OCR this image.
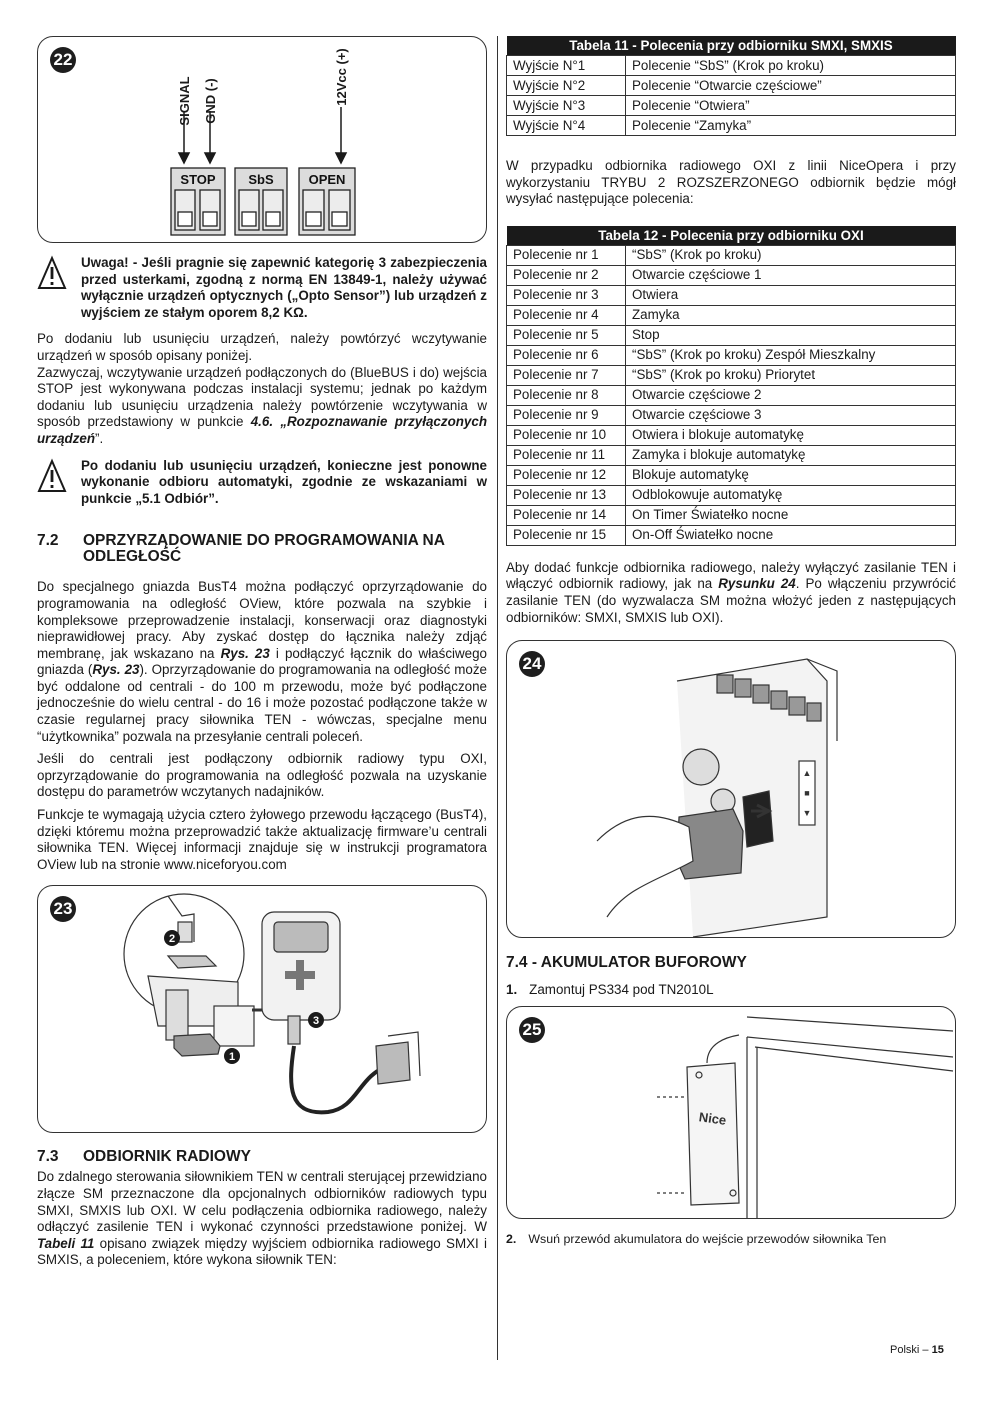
22
SIGNAL GND (-)	12Vcc (+)
STOP	SbS	OPEN
Uwaga! - Jeśli pragnie się zapewnić kategorię 3 zabezpieczenia przed usterkami, zgodną z normą EN 13849-1, należy używać wyłącznie urządzeń optycznych („Opto Sensor”) lub urządzeń z wyjściem ze stałym oporem 8,2 KΩ.

Po dodaniu lub usunięciu urządzeń, należy powtórzyć wczytywanie urządzeń w sposób opisany poniżej.

Zazwyczaj, wczytywanie urządzeń podłączonych do (BlueBUS i do) wejścia STOP jest wykonywana podczas instalacji systemu; jednak po każdym dodaniu lub usunięciu urządzenia należy powtórzenie wczytywania w sposób przedstawiony w punkcie 4.6. „Rozpoznawanie przyłączonych urządzeń”.

Po dodaniu lub usunięciu urządzeń, konieczne jest ponowne wykonanie odbioru automatyki, zgodnie ze wskazaniami w punkcie „5.1 Odbiór”.
7.2 OPRZYRZĄDOWANIE DO PROGRAMOWANIA NA ODLEGŁOŚĆ

Do specjalnego gniazda BusT4 można podłączyć oprzyrządowanie do programowania na odległość OView, które pozwala na szybkie i kompleksowe przeprowadzenie instalacji, konserwacji oraz diagnostyki nieprawidłowej pracy. Aby zyskać dostęp do łącznika należy zdjąć membranę, jak wskazano na Rys. 23 i podłączyć łącznik do właściwego gniazda (Rys. 23). Oprzyrządowanie do programowania na odległość może być oddalone od centrali - do 100 m przewodu, może być podłączone jednocześnie do wielu central - do 16 i może pozostać podłączone także w czasie regularnej pracy siłownika TEN - wówczas, specjalne menu “użytkownika” pozwala na przesyłanie centrali poleceń.

Jeśli do centrali jest podłączony odbiornik radiowy typu OXI, oprzyrządowanie do programowania na odległość pozwala na uzyskanie dostępu do parametrów wczytanych nadajników.

Funkcje te wymagają użycia cztero żyłowego przewodu łączącego (BusT4), dzięki któremu można przeprowadzić także aktualizację firmware’u centrali siłownika TEN. Więcej informacji znajduje się w instrukcji programatora OView lub na stronie www.niceforyou.com

23
2
3
1
7.3 ODBIORNIK RADIOWY

Do zdalnego sterowania siłownikiem TEN w centrali sterującej przewidziano złącze SM przeznaczone dla opcjonalnych odbiorników radiowych typu SMXI, SMXIS lub OXI. W celu podłączenia odbiornika radiowego, należy odłączyć zasilenie TEN i wykonać czynności przedstawione poniżej. W Tabeli 11 opisano związek między wyjściem odbiornika radiowego SMXI i SMXIS, a poleceniem, które wykona siłownik TEN:

Tabela 11 - Polecenia przy odbiorniku SMXI, SMXIS	
Wyjście N°1	Polecenie “SbS” (Krok po kroku)
Wyjście N°2	Polecenie “Otwarcie częściowe”
Wyjście N°3	Polecenie “Otwiera”
Wyjście N°4	Polecenie “Zamyka”

W przypadku odbiornika radiowego OXI z linii NiceOpera i przy wykorzystaniu TRYBU 2 ROZSZERZONEGO odbiornik będzie mógł wysyłać następujące polecenia:

Tabela 12 - Polecenia przy odbiorniku OXI	
Polecenie nr 1	“SbS” (Krok po kroku)
Polecenie nr 2	Otwarcie częściowe 1
Polecenie nr 3	Otwiera
Polecenie nr 4	Zamyka
Polecenie nr 5	Stop
Polecenie nr 6	“SbS” (Krok po kroku) Zespół Mieszkalny
Polecenie nr 7	“SbS” (Krok po kroku) Priorytet
Polecenie nr 8	Otwarcie częściowe 2
Polecenie nr 9	Otwarcie częściowe 3
Polecenie nr 10	Otwiera i blokuje automatykę
Polecenie nr 11	Zamyka i blokuje automatykę
Polecenie nr 12	Blokuje automatykę
Polecenie nr 13	Odblokowuje automatykę
Polecenie nr 14	On Timer Światełko nocne
Polecenie nr 15	On-Off Światełko nocne

Aby dodać funkcje odbiornika radiowego, należy wyłączyć zasilanie TEN i włączyć odbiornik radiowy, jak na Rysunku 24. Po włączeniu przywrócić zasilanie TEN (do wyzwalacza SM można włożyć jeden z następujących odbiorników: SMXI, SMXIS lub OXI).

24
▲
■
▼
7.4 - AKUMULATOR BUFOROWY
1. Zamontuj PS334 pod TN2010L
25
Nice
2. Wsuń przewód akumulatora do wejście przewodów siłownika Ten
Polski – 15
